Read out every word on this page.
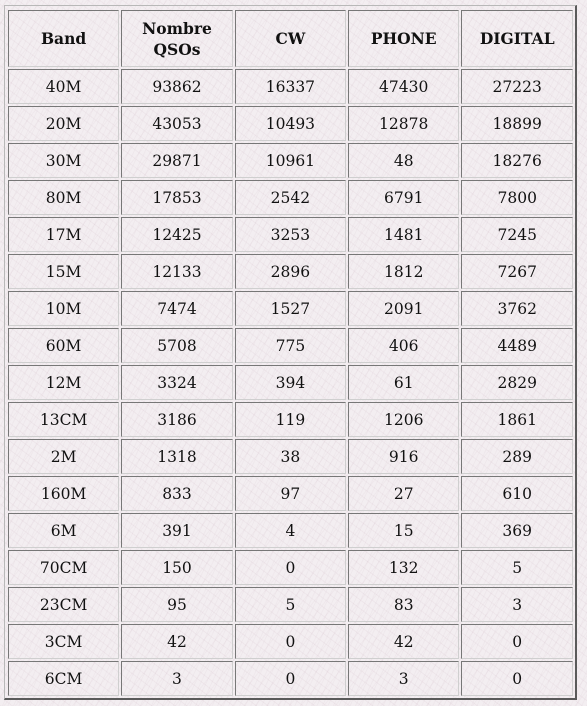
Band	Nombre QSOs	CW	PHONE	DIGITAL
40M	93862	16337	47430	27223
20M	43053	10493	12878	18899
30M	29871	10961	48	18276
80M	17853	2542	6791	7800
17M	12425	3253	1481	7245
15M	12133	2896	1812	7267
10M	7474	1527	2091	3762
60M	5708	775	406	4489
12M	3324	394	61	2829
13CM	3186	119	1206	1861
2M	1318	38	916	289
160M	833	97	27	610
6M	391	4	15	369
70CM	150	0	132	5
23CM	95	5	83	3
3CM	42	0	42	0
6CM	3	0	3	0
